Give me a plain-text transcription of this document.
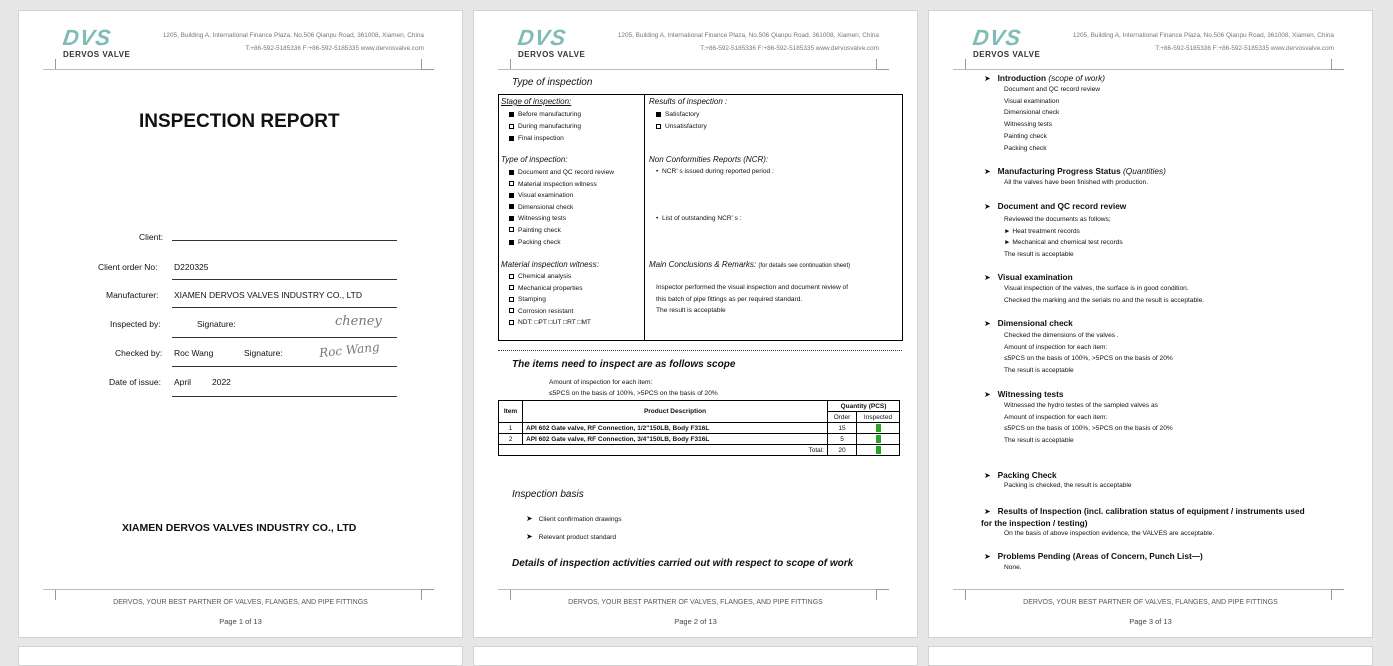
DVS
DERVOS VALVE
1205, Building A, International Finance Plaza, No.506 Qianpu Road, 361008, Xiamen, China
T:+86-592-5185336 F:+86-592-5185335 www.dervosvalve.com
INSPECTION REPORT
Client:
Client order No: D220325
Manufacturer: XIAMEN DERVOS VALVES INDUSTRY CO., LTD
Inspected by:	Signature:	cheney
Checked by: Roc Wang	Signature:	Roc Wang
Date of issue: April 2022
XIAMEN DERVOS VALVES INDUSTRY CO., LTD
DERVOS, YOUR BEST PARTNER OF VALVES, FLANGES, AND PIPE FITTINGS
Page 1 of 13
DVS
DERVOS VALVE
1205, Building A, International Finance Plaza, No.506 Qianpu Road, 361008, Xiamen, China
T:+86-592-5185336 F:+86-592-5185335 www.dervosvalve.com
Type of inspection
Stage of inspection:
Before manufacturing
During manufacturing
Final inspection
Results of inspection :
Satisfactory
Unsatisfactory
Type of inspection:
Document and QC record review
Material inspection witness
Visual examination
Dimensional check
Witnessing tests
Painting check
Packing check
Non Conformities Reports (NCR):
•  NCR’ s issued during reported period :
•  List of outstanding NCR’ s :
Material inspection witness:
Chemical analysis
Mechanical properties
Stamping
Corrosion resistant
NDT: □PT □UT □RT □MT
Main Conclusions & Remarks: (for details see continuation sheet)
Inspector performed the visual inspection and document review of
this batch of pipe fittings as per required standard.
The result is acceptable
The items need to inspect are as follows scope
Amount of inspection for each item:
≤5PCS on the basis of 100%, >5PCS on the basis of 20%
Item	Product Description	Quantity (PCS)	
		Order	Inspected
1	API 602 Gate valve, RF Connection, 1/2"150LB, Body F316L	15	
2	API 602 Gate valve, RF Connection, 3/4"150LB, Body F316L	5	
Total:		20	
Inspection basis
➤ Client confirmation drawings
➤ Relevant product standard
Details of inspection activities carried out with respect to scope of work
DERVOS, YOUR BEST PARTNER OF VALVES, FLANGES, AND PIPE FITTINGS
Page 2 of 13
DVS
DERVOS VALVE
1205, Building A, International Finance Plaza, No.506 Qianpu Road, 361008, Xiamen, China
T:+86-592-5185336 F:+86-592-5185335 www.dervosvalve.com
➤ Introduction (scope of work)
Document and QC record review
Visual examination
Dimensional check
Witnessing tests
Painting check
Packing check
➤ Manufacturing Progress Status (Quantities)
All the valves have been finished with production.
➤ Document and QC record review
Reviewed the documents as follows;
► Heat treatment records
► Mechanical and chemical test records
The result is acceptable
➤ Visual examination
Visual inspection of the valves, the surface is in good condition.
Checked the marking and the serials no and the result is acceptable.
➤ Dimensional check
Checked the dimensions of the valves .
Amount of inspection for each item:
≤5PCS on the basis of 100%, >5PCS on the basis of 20%
The result is acceptable
➤ Witnessing tests
Witnessed the hydro testes of the sampled valves as
Amount of inspection for each item:
≤5PCS on the basis of 100%, >5PCS on the basis of 20%
The result is acceptable
➤ Packing Check
Packing is checked, the result is acceptable
➤ Results of Inspection (incl. calibration status of equipment / instruments used
for the inspection / testing)
On the basis of above inspection evidence, the VALVES are acceptable.
➤ Problems Pending (Areas of Concern, Punch List—)
None.
DERVOS, YOUR BEST PARTNER OF VALVES, FLANGES, AND PIPE FITTINGS
Page 3 of 13
